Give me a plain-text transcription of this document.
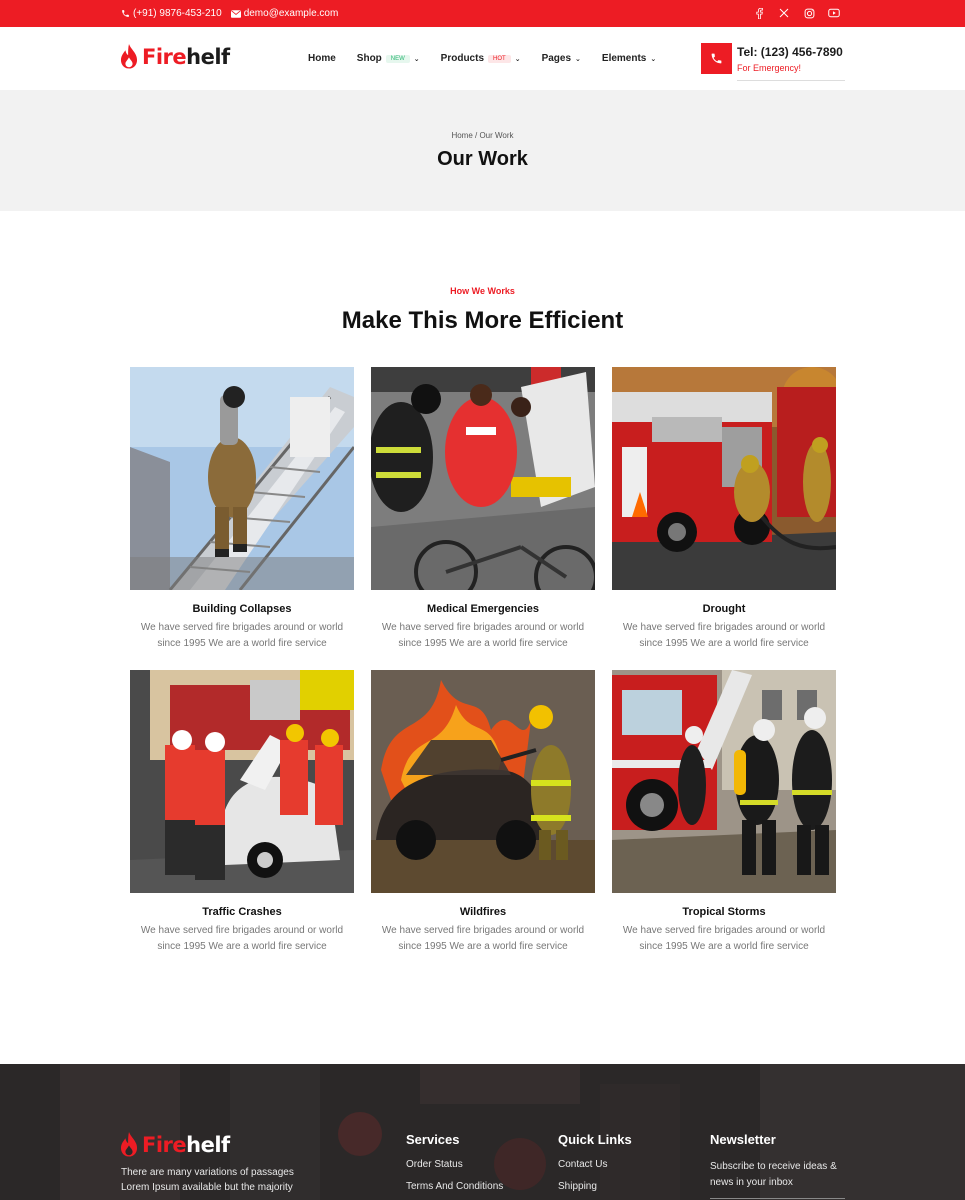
(+91) 9876-453-210 demo@example.com
Fire helf	Home Shop	NEW	⌄ Products	HOT	⌄ Pages ⌄ Elements ⌄	Tel: (123) 456-7890
For Emergency!
Home / Our Work
Our Work
How We Works
Make This More Efficient
Building Collapses
We have served fire brigades around or world since 1995 We are a world fire service
Medical Emergencies
We have served fire brigades around or world since 1995 We are a world fire service
Drought
We have served fire brigades around or world since 1995 We are a world fire service
Traffic Crashes
We have served fire brigades around or world since 1995 We are a world fire service
Wildfires
We have served fire brigades around or world since 1995 We are a world fire service
Tropical Storms
We have served fire brigades around or world since 1995 We are a world fire service
Fire helf
There are many variations of passages Lorem Ipsum available but the majority
Services
Order Status
Terms And Conditions
Quick Links
Contact Us
Shipping
Newsletter
Subscribe to receive ideas & news in your inbox
